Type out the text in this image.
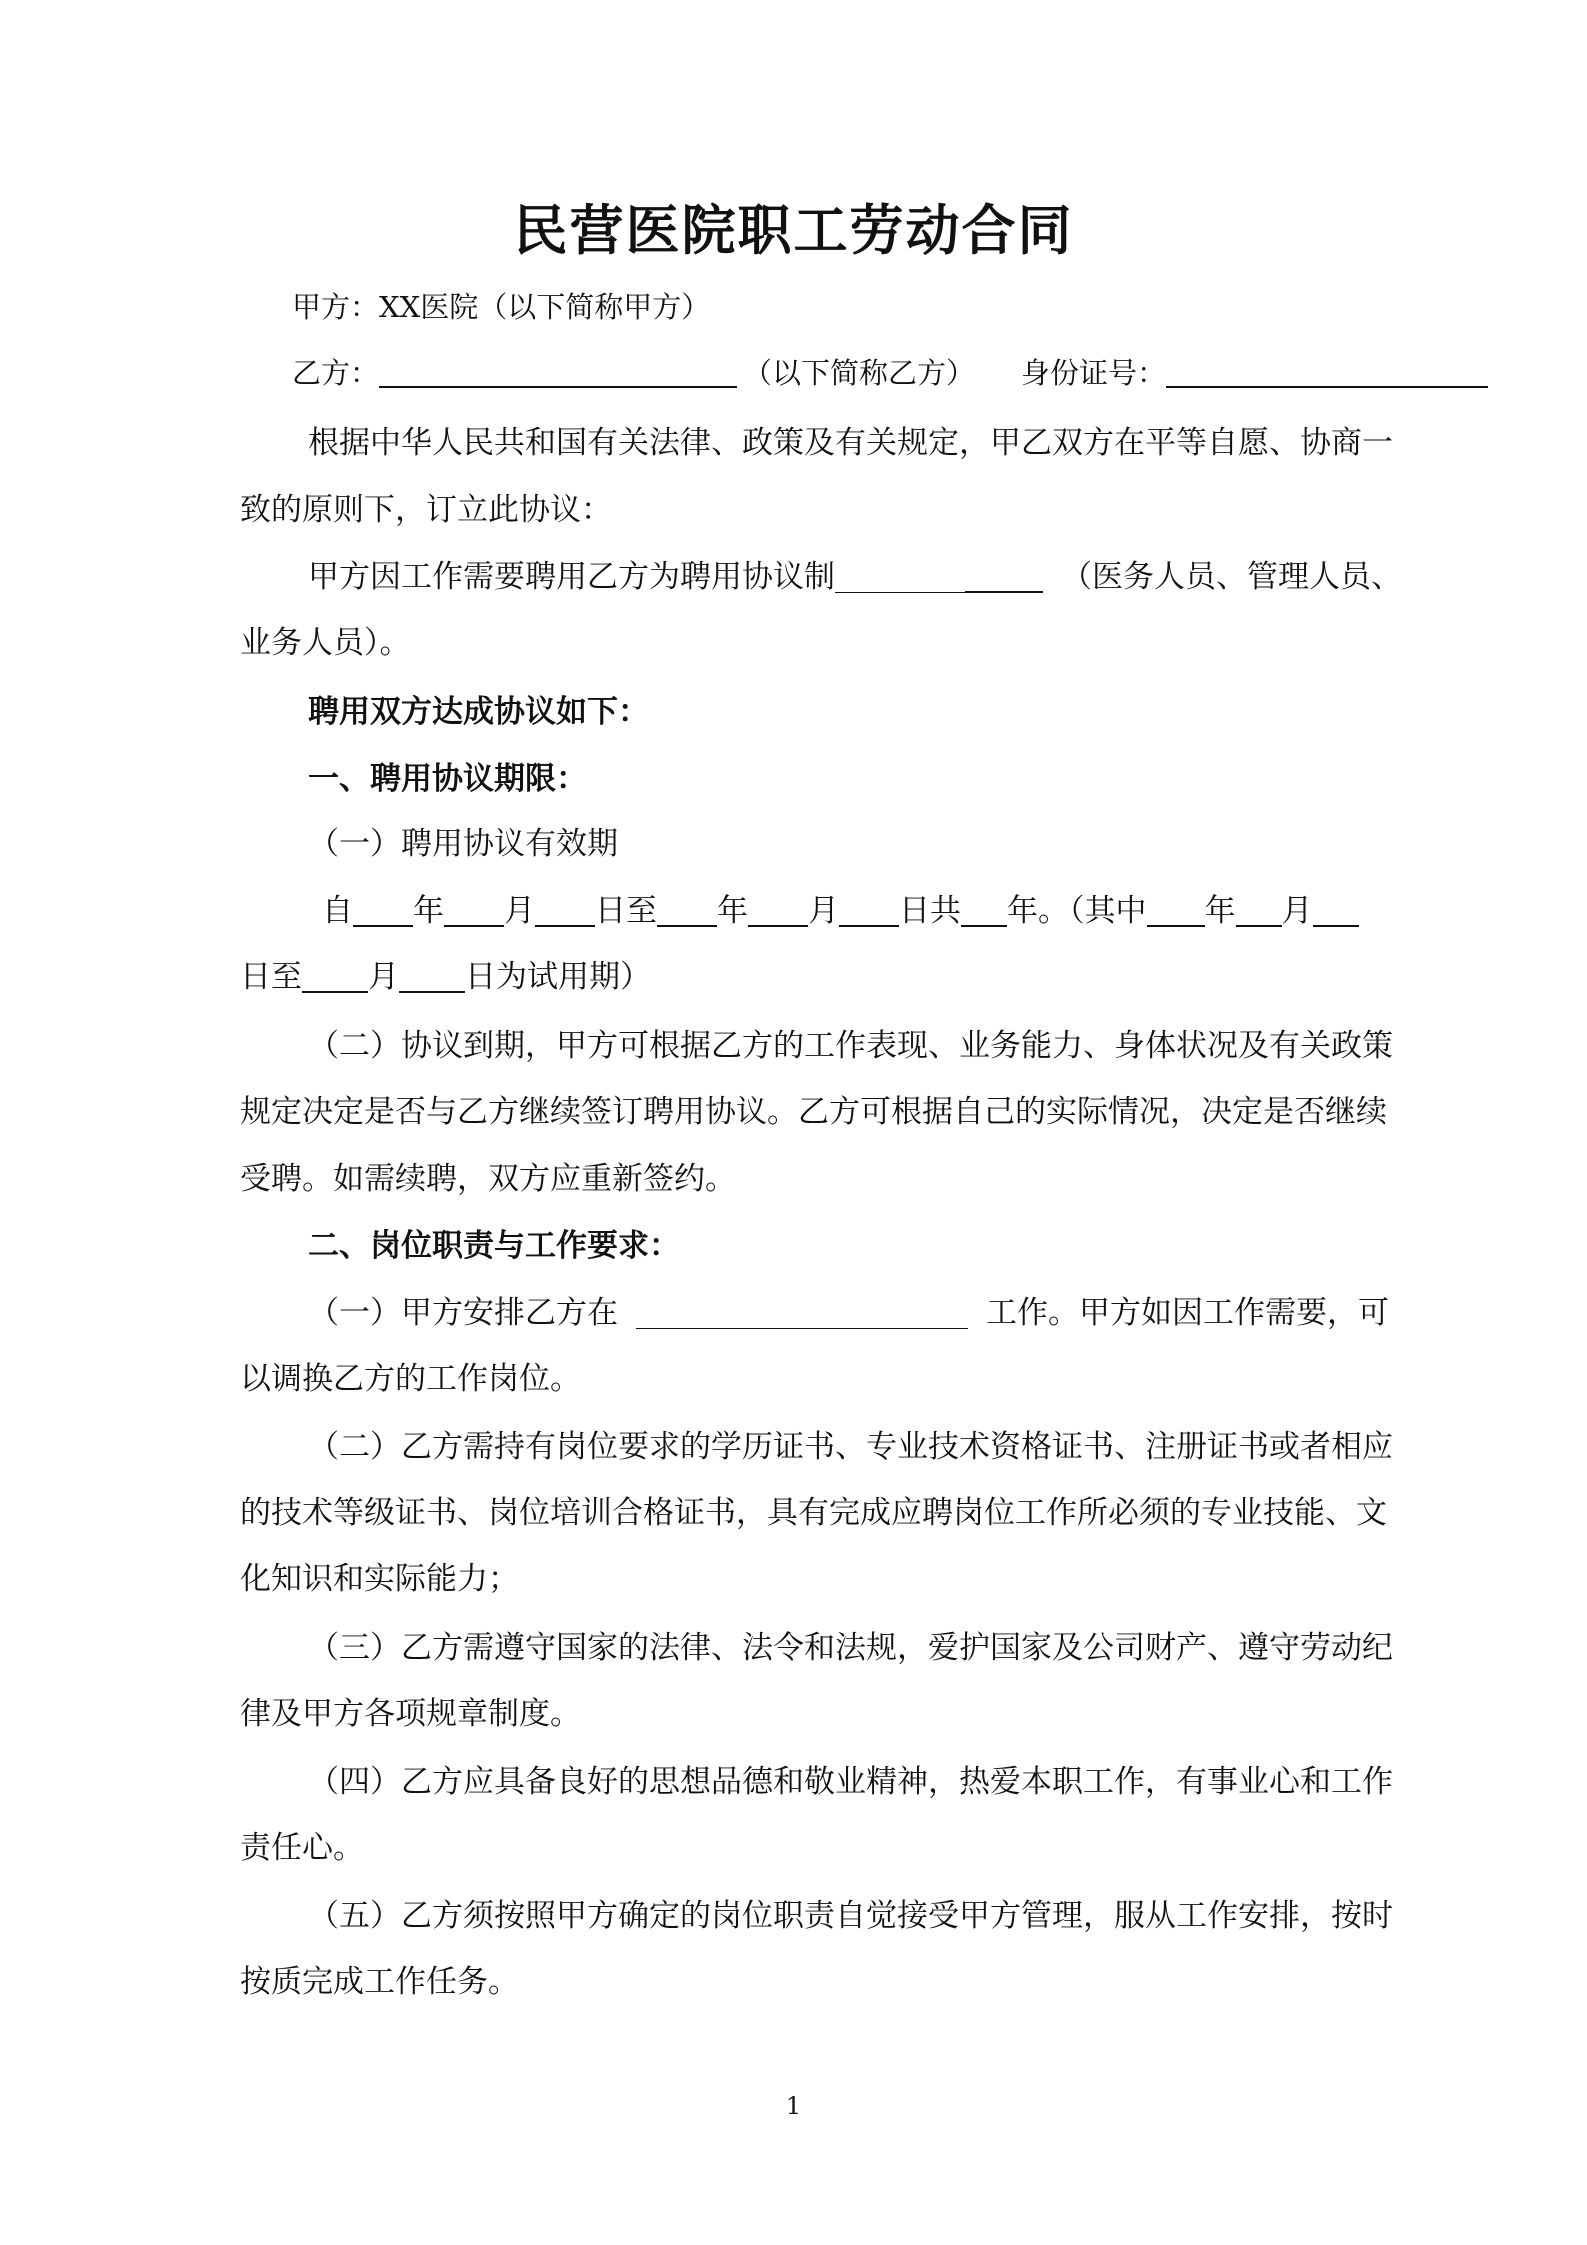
民营医院职工劳动合同
甲方：XX医院（以下简称甲方）
乙方：	（以下简称乙方） 身份证号：
根据中华人民共和国有关法律、政策及有关规定，甲乙双方在平等自愿、协商一
致的原则下，订立此协议：
甲方因工作需要聘用乙方为聘用协议制	（医务人员、管理人员、
业务人员）。
聘用双方达成协议如下：
一、聘用协议期限：
（一）聘用协议有效期
自 年 月 日至 年 月 日共 年。（其中 年 月
日至 月 日为试用期）
（二）协议到期，甲方可根据乙方的工作表现、业务能力、身体状况及有关政策
规定决定是否与乙方继续签订聘用协议。乙方可根据自己的实际情况，决定是否继续
受聘。如需续聘，双方应重新签约。
二、岗位职责与工作要求：
（一）甲方安排乙方在	工作。甲方如因工作需要，可
以调换乙方的工作岗位。
（二）乙方需持有岗位要求的学历证书、专业技术资格证书、注册证书或者相应
的技术等级证书、岗位培训合格证书，具有完成应聘岗位工作所必须的专业技能、文
化知识和实际能力；
（三）乙方需遵守国家的法律、法令和法规，爱护国家及公司财产、遵守劳动纪
律及甲方各项规章制度。
（四）乙方应具备良好的思想品德和敬业精神，热爱本职工作，有事业心和工作
责任心。
（五）乙方须按照甲方确定的岗位职责自觉接受甲方管理，服从工作安排，按时
按质完成工作任务。
1
